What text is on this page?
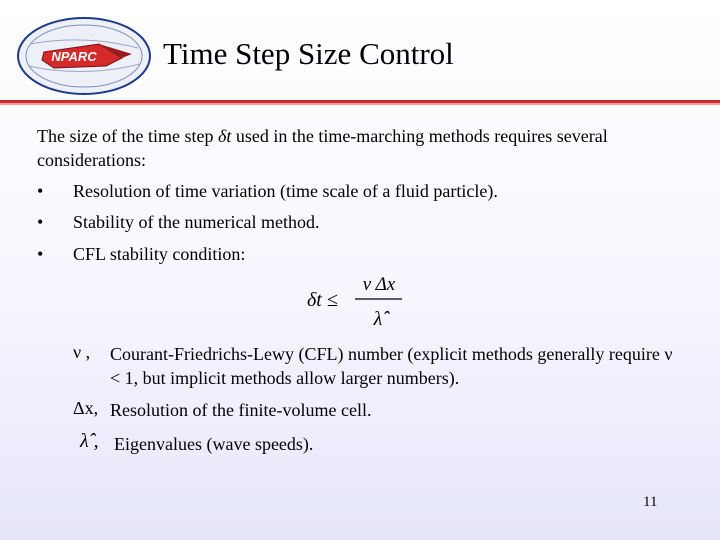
NPARC Time Step Size Control
The size of the time step δt used in the time-marching methods requires several considerations:
• Resolution of time variation (time scale of a fluid particle).
• Stability of the numerical method.
• CFL stability condition:
δt ≤
ν Δx
λ̂
ν , Courant-Friedrichs-Lewy (CFL) number (explicit methods generally require ν < 1, but implicit methods allow larger numbers).
Δx, Resolution of the finite-volume cell.
λ̂ , Eigenvalues (wave speeds).
11
